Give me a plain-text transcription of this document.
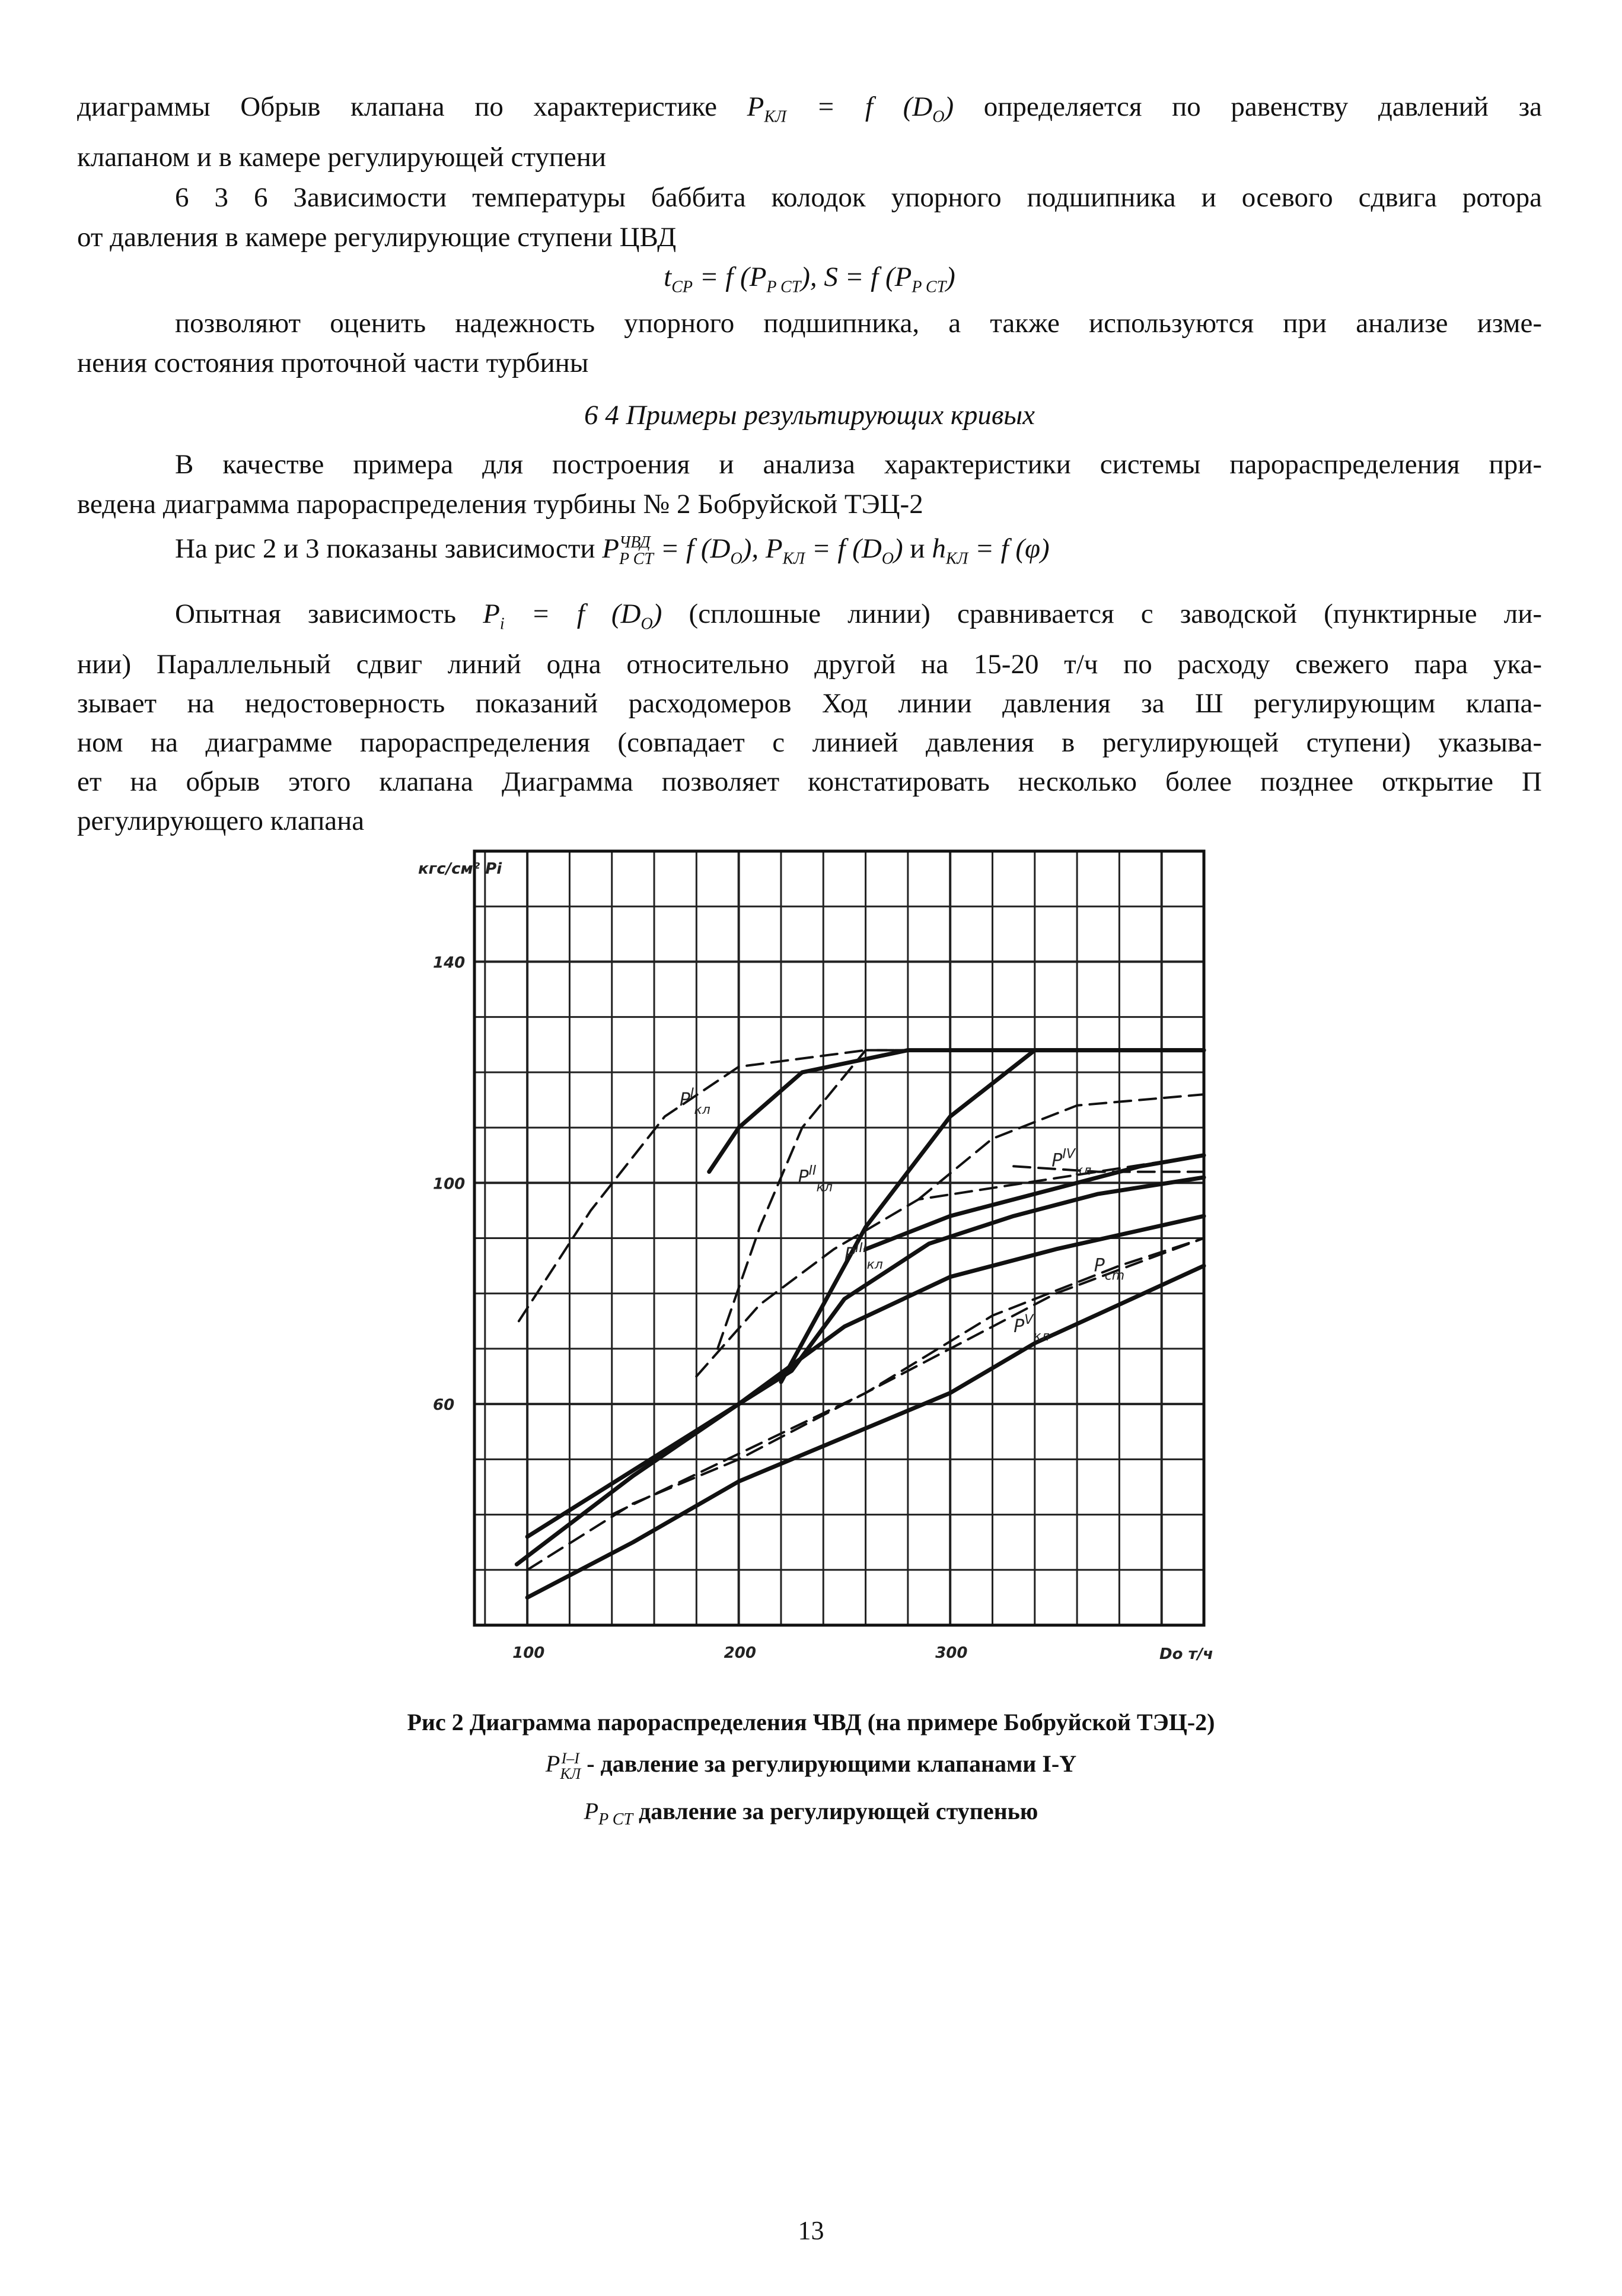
диаграммы Обрыв клапана по характеристике $P_{КЛ} = f$ $(D_O)$ определяется по равенству давлений за
клапаном и в камере регулирующей ступени
6 3 6 Зависимости температуры баббита колодок упорного подшипника и осевого сдвига ротора
от давления в камере регулирующие ступени ЦВД
$t_{CP} = f$ $(P_{P CT})$, S = f $(P_{P CT})$
позволяют оценить надежность упорного подшипника, а также используются при анализе изме-
нения состояния проточной части турбины
6 4 Примеры результирующих кривых
В качестве примера для построения и анализа характеристики системы парораспределения при-
ведена диаграмма парораспределения турбины № 2 Бобруйской ТЭЦ-2
На рис 2 и 3 показаны зависимости P ЧВД
P CT = f $(D_O)$, $P_{КЛ} = f$ $(D_O)$ и $h_{КЛ} = f$ (φ)
Опытная зависимость $P_i = f$ $(D_O)$ (сплошные линии) сравнивается с заводской (пунктирные ли-
нии) Параллельный сдвиг линий одна относительно другой на 15-20 т/ч по расходу свежего пара ука-
зывает на недостоверность показаний расходомеров Ход линии давления за Ш регулирующим клапа-
ном на диаграмме парораспределения (совпадает с линией давления в регулирующей ступени) указыва-
ет на обрыв этого клапана Диаграмма позволяет констатировать несколько более позднее открытие П
регулирующего клапана
$P^I_{кл}$
$P^{II}_{кл}$
$P^{III}_{кл}$
$P^{IV}_{кл}$
$P_{cm}$
$P^V_{кл}$
140
100
60
100	200	300
кгс/см² Pi
Dо т/ч
Рис 2 Диаграмма парораспределения ЧВД (на примере Бобруйской ТЭЦ-2)
P I–I
КЛ - давление за регулирующими клапанами I-Y
$P_{P CT}$ давление за регулирующей ступенью
13
